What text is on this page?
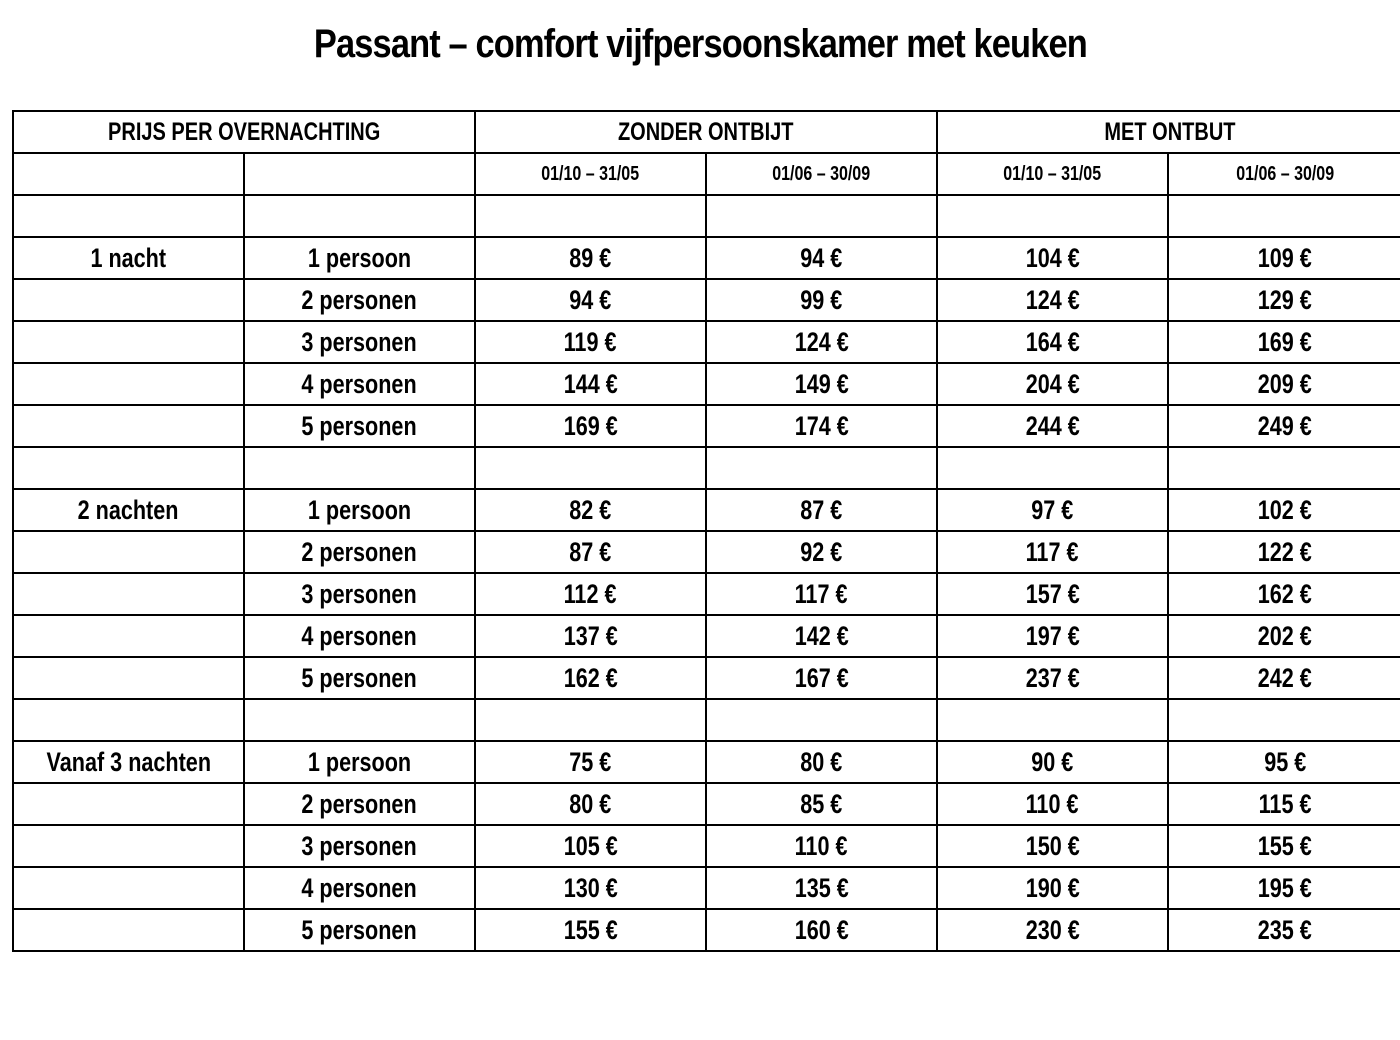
Passant – comfort vijfpersoonskamer met keuken
PRIJS PER OVERNACHTING		ZONDER ONTBIJT		MET ONTBUT	
		01/10 – 31/05	01/06 – 30/09	01/10 – 31/05	01/06 – 30/09

1 nacht	1 persoon	89 €	94 €	104 €	109 €
	2 personen	94 €	99 €	124 €	129 €
	3 personen	119 €	124 €	164 €	169 €
	4 personen	144 €	149 €	204 €	209 €
	5 personen	169 €	174 €	244 €	249 €

2 nachten	1 persoon	82 €	87 €	97 €	102 €
	2 personen	87 €	92 €	117 €	122 €
	3 personen	112 €	117 €	157 €	162 €
	4 personen	137 €	142 €	197 €	202 €
	5 personen	162 €	167 €	237 €	242 €

Vanaf 3 nachten	1 persoon	75 €	80 €	90 €	95 €
	2 personen	80 €	85 €	110 €	115 €
	3 personen	105 €	110 €	150 €	155 €
	4 personen	130 €	135 €	190 €	195 €
	5 personen	155 €	160 €	230 €	235 €
